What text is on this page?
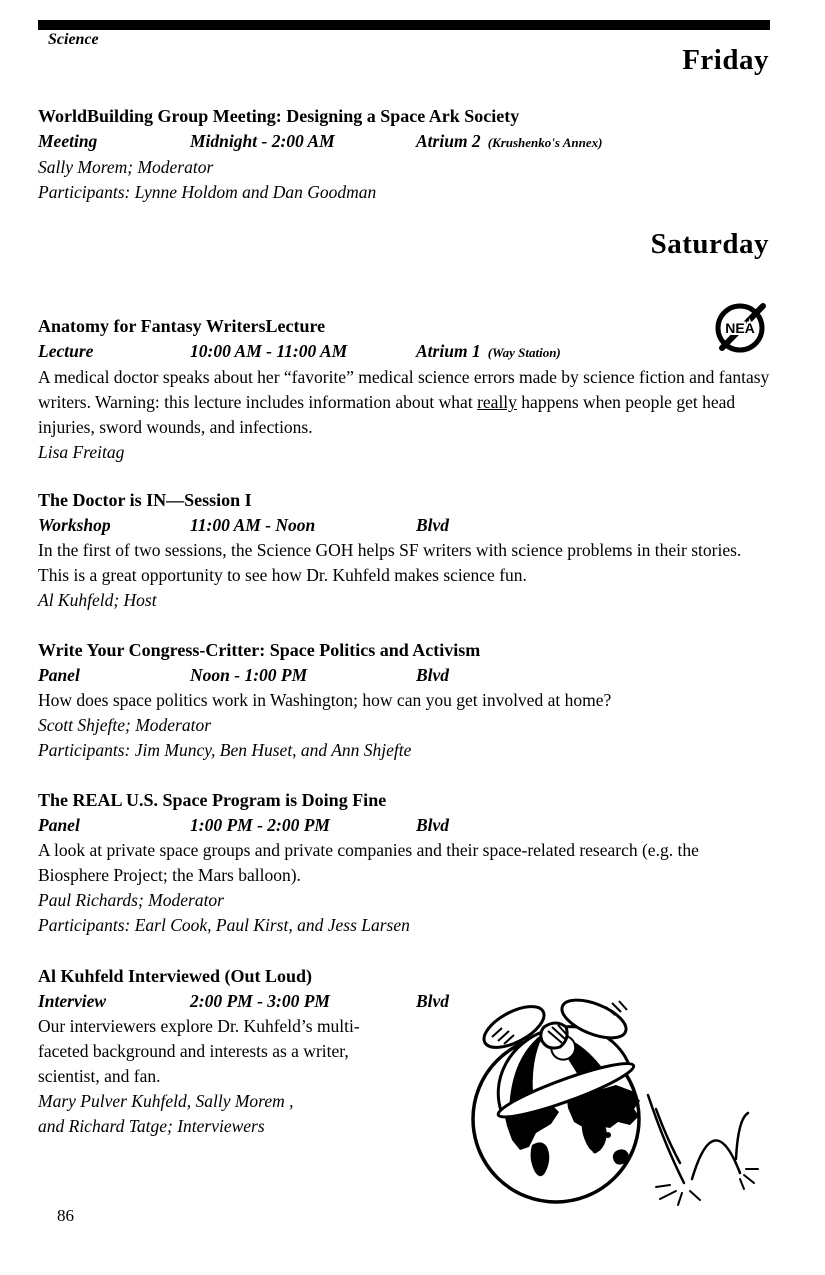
Science
Friday
Saturday
WorldBuilding Group Meeting: Designing a Space Ark Society
Meeting	Midnight - 2:00 AM	Atrium 2 (Krushenko's Annex)
Sally Morem; Moderator
Participants: Lynne Holdom and Dan Goodman
Anatomy for Fantasy WritersLecture
Lecture	10:00 AM - 11:00 AM	Atrium 1 (Way Station)
A medical doctor speaks about her “favorite” medical science errors made by science fiction and fantasy writers. Warning: this lecture includes information about what really happens when people get head injuries, sword wounds, and infections.
Lisa Freitag
The Doctor is IN—Session I
Workshop	11:00 AM - Noon	Blvd
In the first of two sessions, the Science GOH helps SF writers with science problems in their stories. This is a great opportunity to see how Dr. Kuhfeld makes science fun.
Al Kuhfeld; Host
Write Your Congress-Critter: Space Politics and Activism
Panel	Noon - 1:00 PM	Blvd
How does space politics work in Washington; how can you get involved at home?
Scott Shjefte; Moderator
Participants: Jim Muncy, Ben Huset, and Ann Shjefte
The REAL U.S. Space Program is Doing Fine
Panel	1:00 PM - 2:00 PM	Blvd
A look at private space groups and private companies and their space-related research (e.g. the Biosphere Project; the Mars balloon).
Paul Richards; Moderator
Participants: Earl Cook, Paul Kirst, and Jess Larsen
Al Kuhfeld Interviewed (Out Loud)
Interview	2:00 PM - 3:00 PM	Blvd
Our interviewers explore Dr. Kuhfeld’s multi-faceted background and interests as a writer, scientist, and fan.
Mary Pulver Kuhfeld, Sally Morem ,
and Richard Tatge; Interviewers
NEA
86
